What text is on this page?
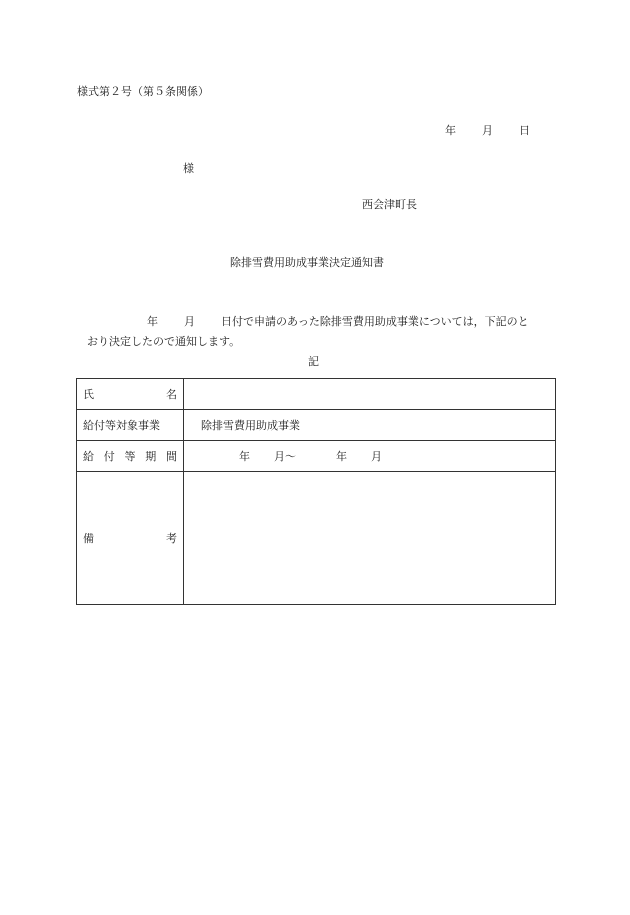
様式第２号（第５条関係）
年 月 日
様
西会津町長
除排雪費用助成事業決定通知書
年 月 日付で申請のあった除排雪費用助成事業については，下記のと
おり決定したので通知します。
記
氏 名	

給付等対象事業	除排雪費用助成事業

給 付 等 期 間	年 月～ 年 月

備 考	
